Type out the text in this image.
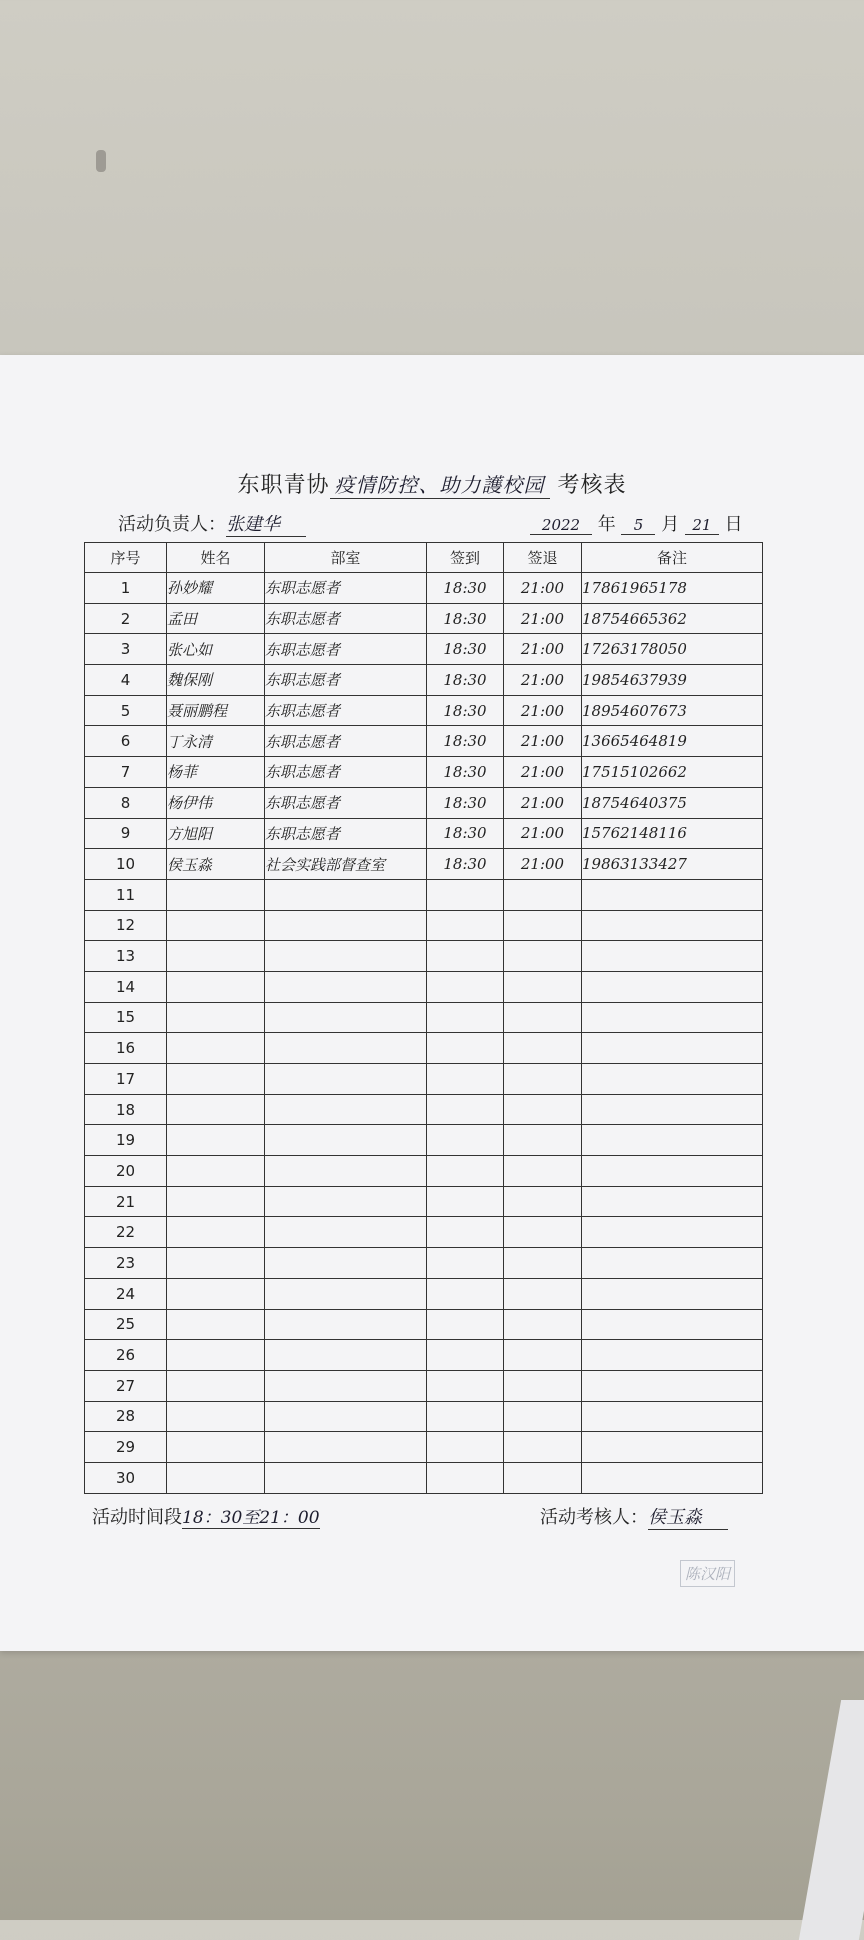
东职青协 疫情防控、助力護校园 考核表
活动负责人：张建华	2022 年 5 月 21 日
序号	姓名	部室	签到	签退	备注
1	孙妙耀	东职志愿者	18:30	21:00	17861965178
2	孟田	东职志愿者	18:30	21:00	18754665362
3	张心如	东职志愿者	18:30	21:00	17263178050
4	魏保刚	东职志愿者	18:30	21:00	19854637939
5	聂丽鹏程	东职志愿者	18:30	21:00	18954607673
6	丁永清	东职志愿者	18:30	21:00	13665464819
7	杨菲	东职志愿者	18:30	21:00	17515102662
8	杨伊伟	东职志愿者	18:30	21:00	18754640375
9	方旭阳	东职志愿者	18:30	21:00	15762148116
10	侯玉淼	社会实践部督查室	18:30	21:00	19863133427
11					
12					
13					
14					
15					
16					
17					
18					
19					
20					
21					
22					
23					
24					
25					
26					
27					
28					
29					
30					
活动时间段18：30至21：00	活动考核人：侯玉淼
陈汉阳
